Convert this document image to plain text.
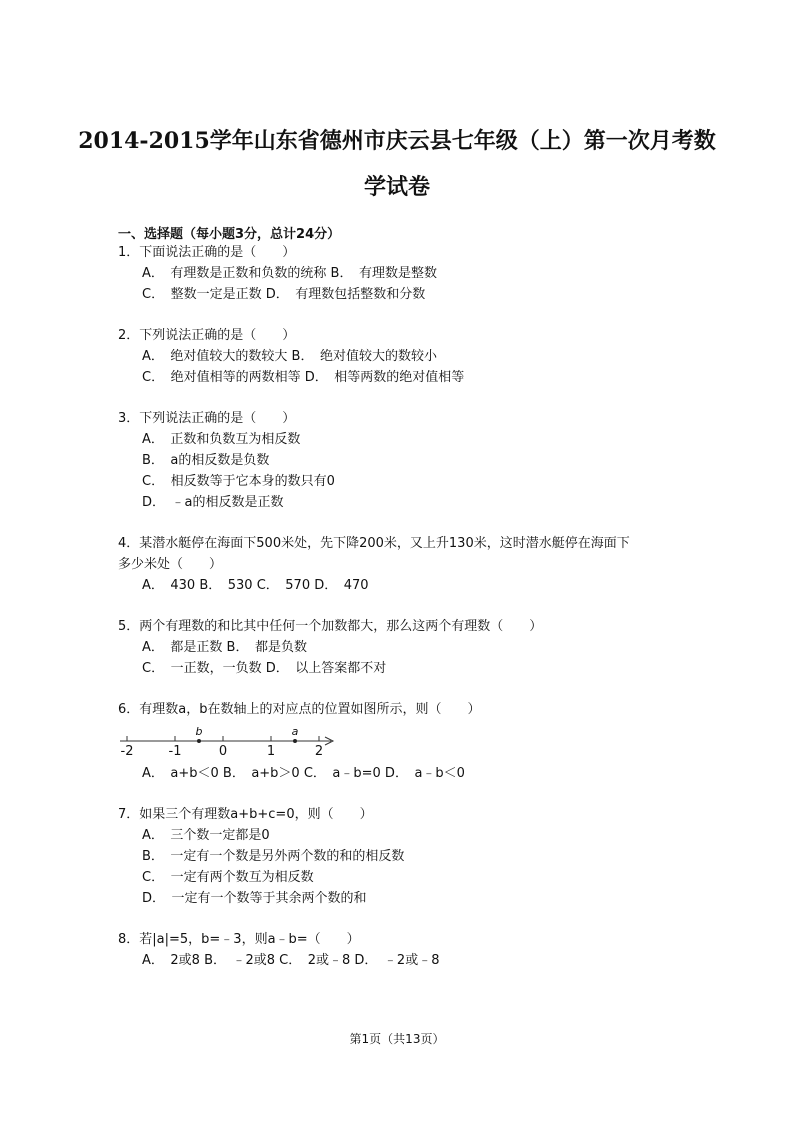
2014-2015学年山东省德州市庆云县七年级（上）第一次月考数
学试卷
一、选择题（每小题3分，总计24分）
1．下面说法正确的是（　　）
A．　有理数是正数和负数的统称 B．　有理数是整数
C．　整数一定是正数 D．　有理数包括整数和分数
2．下列说法正确的是（　　）
A．　绝对值较大的数较大 B．　绝对值较大的数较小
C．　绝对值相等的两数相等 D．　相等两数的绝对值相等
3．下列说法正确的是（　　）
A．　正数和负数互为相反数
B．　a的相反数是负数
C．　相反数等于它本身的数只有0
D．　﹣a的相反数是正数
4．某潜水艇停在海面下500米处，先下降200米，又上升130米，这时潜水艇停在海面下
多少米处（　　）
A．　430 B．　530 C．　570 D．　470
5．两个有理数的和比其中任何一个加数都大，那么这两个有理数（　　）
A．　都是正数 B．　都是负数
C．　一正数，一负数 D．　以上答案都不对
6．有理数a，b在数轴上的对应点的位置如图所示，则（　　）
-2	-1	0	1	2
b	a
A．　a+b＜0 B．　a+b＞0 C．　a﹣b=0 D．　a﹣b＜0
7．如果三个有理数a+b+c=0，则（　　）
A．　三个数一定都是0
B．　一定有一个数是另外两个数的和的相反数
C．　一定有两个数互为相反数
D．　一定有一个数等于其余两个数的和
8．若|a|=5，b=﹣3，则a﹣b=（　　）
A．　2或8 B．　﹣2或8 C．　2或﹣8 D．　﹣2或﹣8
第1页（共13页）
